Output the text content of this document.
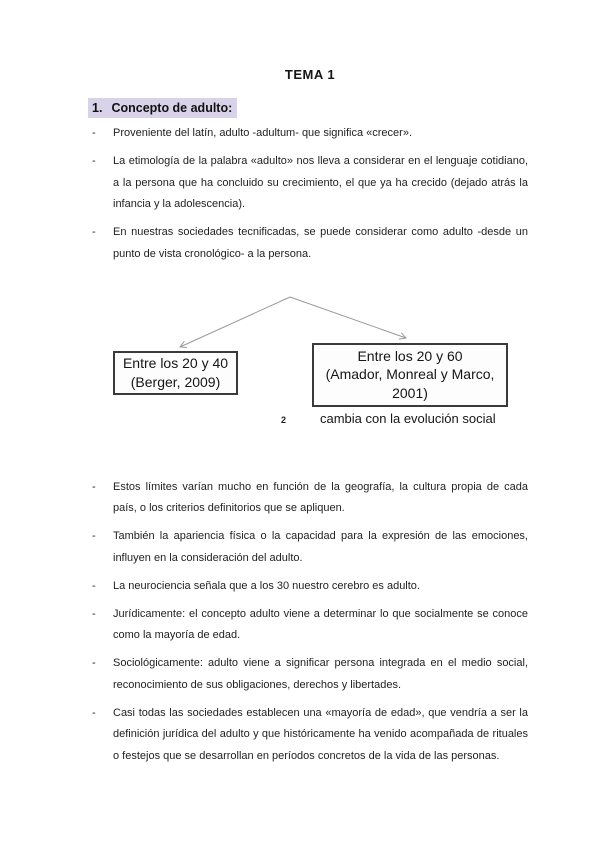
TEMA 1
1. Concepto de adulto:
-	Proveniente del latín, adulto -adultum- que significa «crecer».
-	La etimología de la palabra «adulto» nos lleva a considerar en el lenguaje cotidiano, a la persona que ha concluido su crecimiento, el que ya ha crecido (dejado atrás la infancia y la adolescencia).
-	En nuestras sociedades tecnificadas, se puede considerar como adulto -desde un punto de vista cronológico- a la persona.
Entre los 20 y 40
(Berger, 2009)
Entre los 20 y 60
(Amador, Monreal y Marco,
2001)
2	cambia con la evolución social
-	Estos límites varían mucho en función de la geografía, la cultura propia de cada país, o los criterios definitorios que se apliquen.
-	También la apariencia física o la capacidad para la expresión de las emociones, influyen en la consideración del adulto.
-	La neurociencia señala que a los 30 nuestro cerebro es adulto.
-	Jurídicamente: el concepto adulto viene a determinar lo que socialmente se conoce como la mayoría de edad.
-	Sociológicamente: adulto viene a significar persona integrada en el medio social, reconocimiento de sus obligaciones, derechos y libertades.
-	Casi todas las sociedades establecen una «mayoría de edad», que vendría a ser la definición jurídica del adulto y que históricamente ha venido acompañada de rituales o festejos que se desarrollan en períodos concretos de la vida de las personas.
